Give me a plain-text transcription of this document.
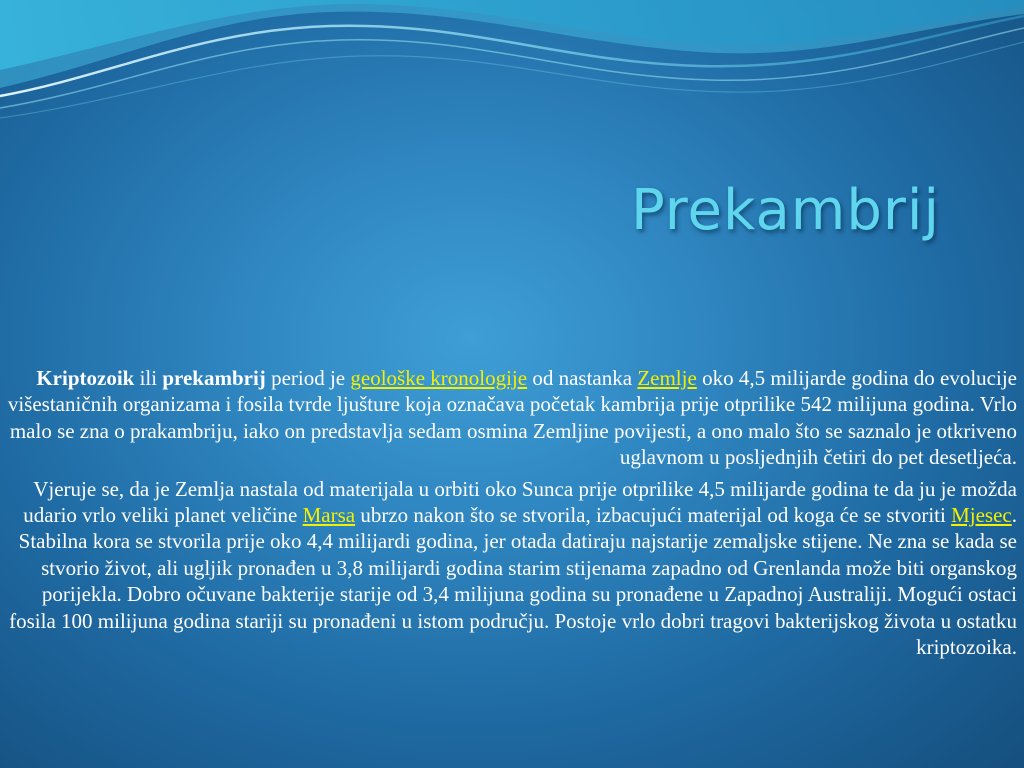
Prekambrij

Kriptozoik ili prekambrij period je geološke kronologije od nastanka Zemlje oko 4,5 milijarde godina do evolucije višestaničnih organizama i fosila tvrde ljušture koja označava početak kambrija prije otprilike 542 milijuna godina. Vrlo malo se zna o prakambriju, iako on predstavlja sedam osmina Zemljine povijesti, a ono malo što se saznalo je otkriveno uglavnom u posljednjih četiri do pet desetljeća.

Vjeruje se, da je Zemlja nastala od materijala u orbiti oko Sunca prije otprilike 4,5 milijarde godina te da ju je možda udario vrlo veliki planet veličine Marsa ubrzo nakon što se stvorila, izbacujući materijal od koga će se stvoriti Mjesec. Stabilna kora se stvorila prije oko 4,4 milijardi godina, jer otada datiraju najstarije zemaljske stijene. Ne zna se kada se stvorio život, ali ugljik pronađen u 3,8 milijardi godina starim stijenama zapadno od Grenlanda može biti organskog porijekla. Dobro očuvane bakterije starije od 3,4 milijuna godina su pronađene u Zapadnoj Australiji. Mogući ostaci fosila 100 milijuna godina stariji su pronađeni u istom području. Postoje vrlo dobri tragovi bakterijskog života u ostatku kriptozoika.
